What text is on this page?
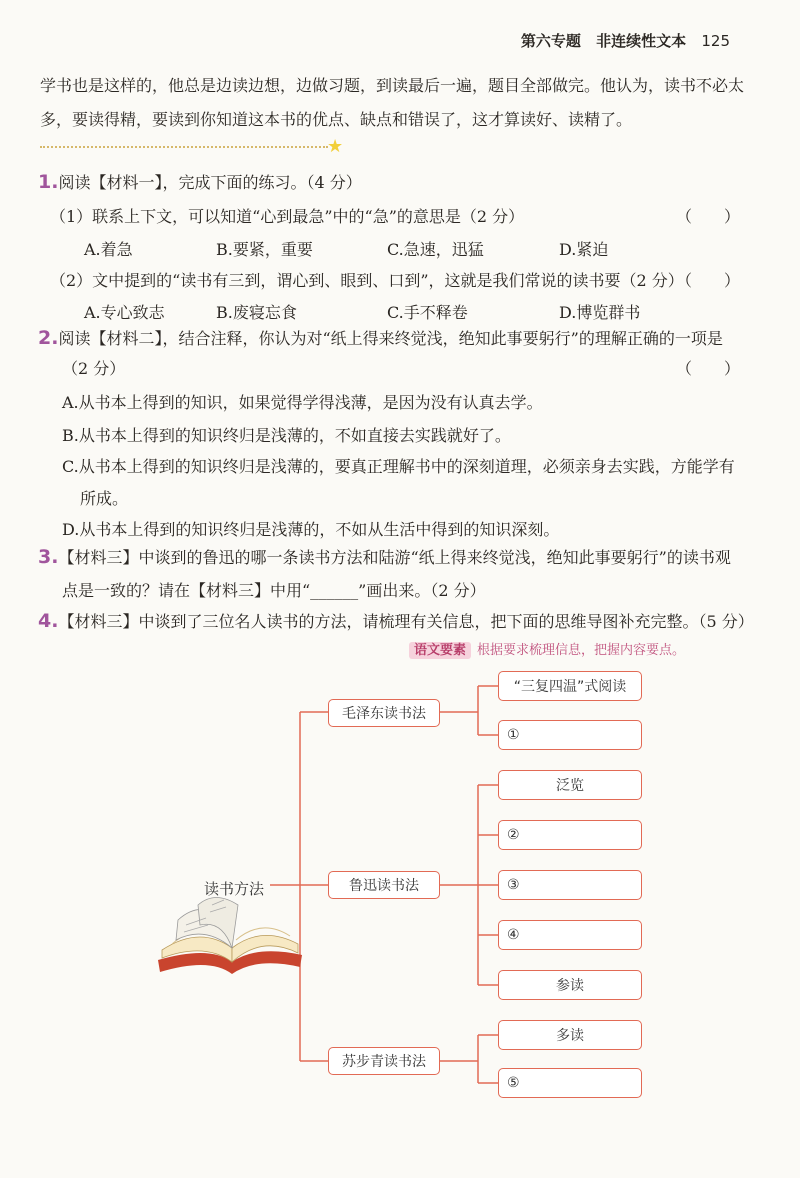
第六专题 非连续性文本 125
学书也是这样的，他总是边读边想，边做习题，到读最后一遍，题目全部做完。他认为，读书不必太
多，要读得精，要读到你知道这本书的优点、缺点和错误了，这才算读好、读精了。
★
1.阅读【材料一】，完成下面的练习。（4 分）
（1）联系上下文，可以知道“心到最急”中的“急”的意思是（2 分）	（　　）
A.着急	B.要紧，重要	C.急速，迅猛	D.紧迫
（2）文中提到的“读书有三到，谓心到、眼到、口到”，这就是我们常说的读书要（2 分）
（　　）
A.专心致志	B.废寝忘食	C.手不释卷	D.博览群书
2.阅读【材料二】，结合注释，你认为对“纸上得来终觉浅，绝知此事要躬行”的理解正确的一项是
（2 分）	（　　）
A.从书本上得到的知识，如果觉得学得浅薄，是因为没有认真去学。
B.从书本上得到的知识终归是浅薄的，不如直接去实践就好了。
C.从书本上得到的知识终归是浅薄的，要真正理解书中的深刻道理，必须亲身去实践，方能学有
所成。
D.从书本上得到的知识终归是浅薄的，不如从生活中得到的知识深刻。
3.【材料三】中谈到的鲁迅的哪一条读书方法和陆游“纸上得来终觉浅，绝知此事要躬行”的读书观
点是一致的？请在【材料三】中用“______”画出来。（2 分）
4.【材料三】中谈到了三位名人读书的方法，请梳理有关信息，把下面的思维导图补充完整。（5 分）
语文要素 根据要求梳理信息，把握内容要点。
读书方法
毛泽东读书法
“三复四温”式阅读
①
鲁迅读书法
泛览
②
③
④
参读
苏步青读书法
多读
⑤
